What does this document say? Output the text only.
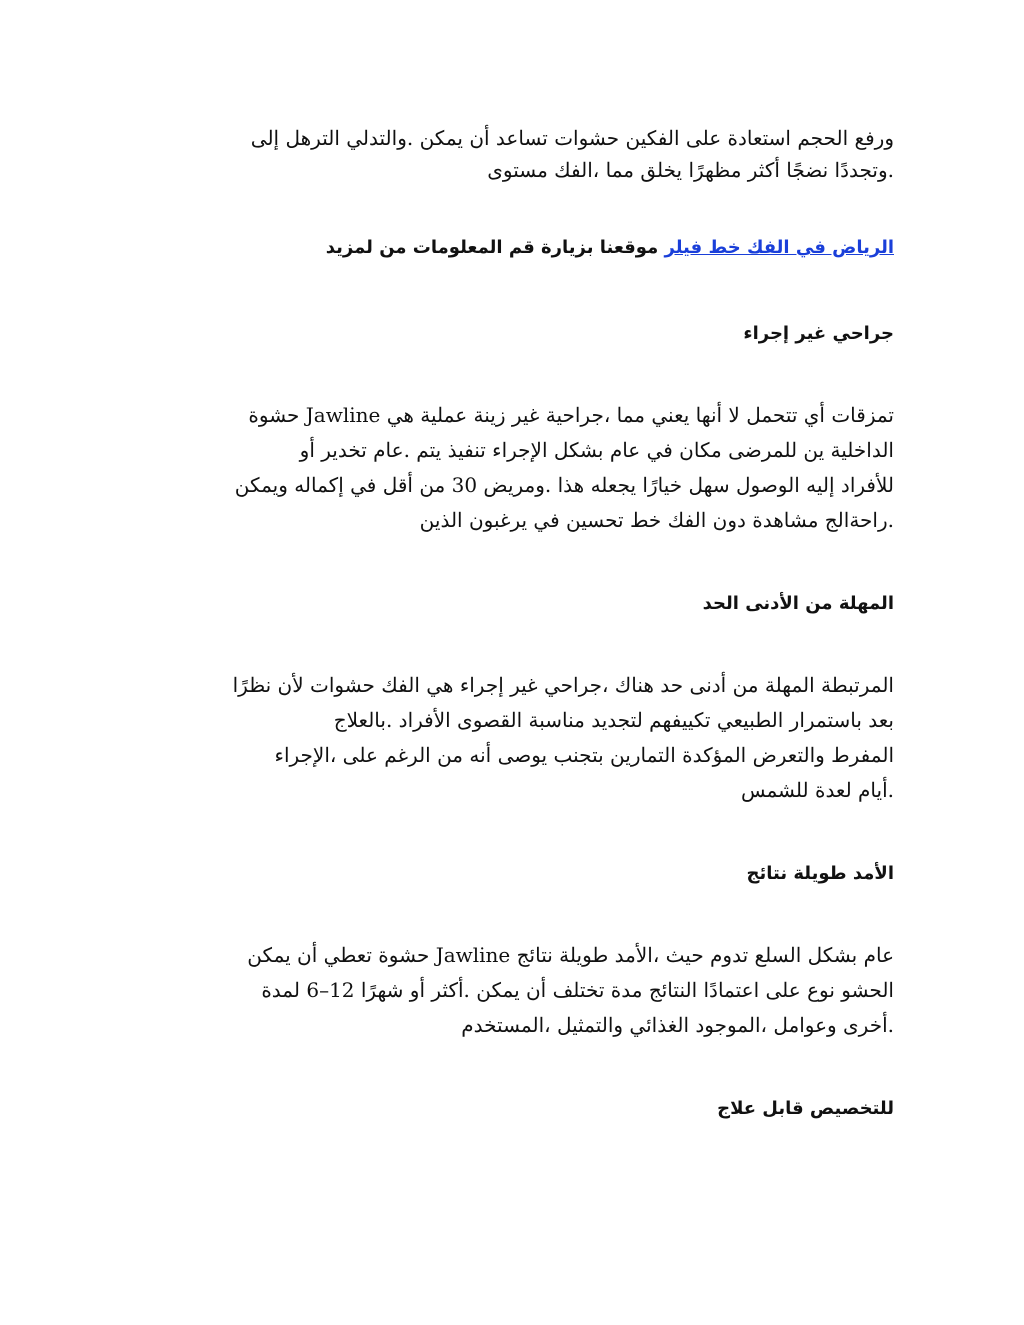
ورفع الحجم استعادة على الفكين حشوات تساعد أن يمكن .والتدلي الترهل إلى
.وتجددًا نضجًا أكثر مظهرًا يخلق مما ،الفك مستوى
الرياض في الفك خط فيلر موقعنا بزيارة قم المعلومات من لمزيد
جراحي غير إجراء

تمزقات أي تتحمل لا أنها يعني مما ،جراحية غير زينة عملية هي Jawline حشوة

الداخلية ين للمرضى مكان في عام بشكل الإجراء تنفيذ يتم .عام تخدير أو

للأفراد إليه الوصول سهل خيارًا يجعله هذا .ومريض 30 من أقل في إكماله ويمكن

.راحةالج مشاهدة دون الفك خط تحسين في يرغبون الذين

المهلة من الأدنى الحد

المرتبطة المهلة من أدنى حد هناك ،جراحي غير إجراء هي الفك حشوات لأن نظرًا

بعد باستمرار الطبيعي تكييفهم لتجديد مناسبة القصوى الأفراد .بالعلاج

المفرط والتعرض المؤكدة التمارين بتجنب يوصى أنه من الرغم على ،الإجراء

.أيام لعدة للشمس

الأمد طويلة نتائج

عام بشكل السلع تدوم حيث ،الأمد طويلة نتائج Jawline حشوة تعطي أن يمكن

الحشو نوع على اعتمادًا النتائج مدة تختلف أن يمكن .أكثر أو شهرًا 12–6 لمدة

.أخرى وعوامل ،الموجود الغذائي والتمثيل ،المستخدم

للتخصيص قابل علاج
